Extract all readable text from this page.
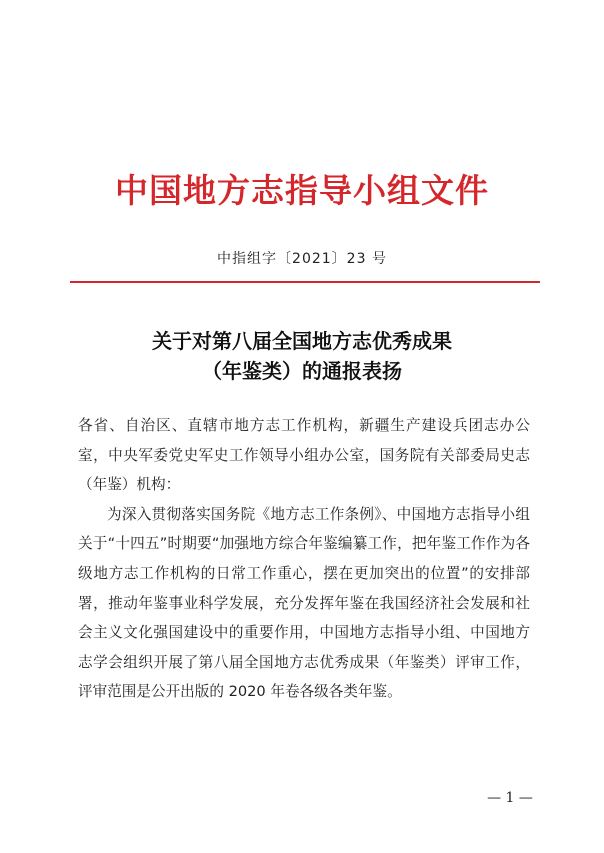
中国地方志指导小组文件
中指组字〔2021〕23 号
关于对第八届全国地方志优秀成果
（年鉴类）的通报表扬

各省、自治区、直辖市地方志工作机构，新疆生产建设兵团志办公室，中央军委党史军史工作领导小组办公室，国务院有关部委局史志（年鉴）机构：

为深入贯彻落实国务院《地方志工作条例》、中国地方志指导小组关于“十四五”时期要“加强地方综合年鉴编纂工作，把年鉴工作作为各级地方志工作机构的日常工作重心，摆在更加突出的位置”的安排部署，推动年鉴事业科学发展，充分发挥年鉴在我国经济社会发展和社会主义文化强国建设中的重要作用，中国地方志指导小组、中国地方志学会组织开展了第八届全国地方志优秀成果（年鉴类）评审工作，评审范围是公开出版的 2020 年卷各级各类年鉴。

— 1 —
